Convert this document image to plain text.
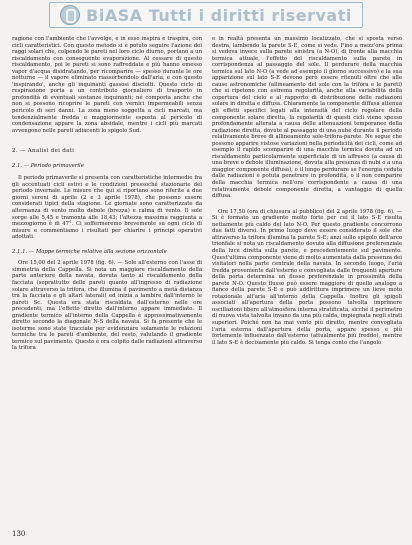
BiASA Tutti i diritti riservati

ragione con l'ambiente che l'avvolge, e in esso inspira e traspira, con cicli caratteristici. Con questo metodo si è potuto seguire l'azione dei raggi solari che, colpendo le pareti nel loro ciclo diurno, portano a un riscaldamento con conseguente evaporazione. Al cessare di questo riscaldamento, poi le pareti si sono raffreddate e più hanno emesso vapor d'acqua disidratando, per ricomparire — spesso durante le ore notturne — il vapore eliminato riassorbendolo dall'aria, e con questo 'inspirando', anche gli inquinanti gassosi disciolti. Questo ciclo di respirazione porta a un contributo giornaliero di trasporto in profondità di eventuali sostanze inquinanti; né comporta anche che non si possono ricoprire le pareti con vernici impermeabili senza pericolo di seri danni. La zona meno soggetta a cicli marcati, ma tendenzialmente fredda e maggiormente esposta al pericolo di condensazione appare la zona absidale, mentre i cicli più marcati avvengono nelle pareti adiacenti lo spigolo Sud.

2. — Analisi dei dati
2.1. — Periodo primaverile

Il periodo primaverile si presenta con caratteristiche intermedie fra gli accentuati cicli estivi e le condizioni pressoché stazionarie del periodo invernale. Le misure che qui si riportano sono riferite a due giorni sereni di aprile (2 e 3 aprile 1978), che possono essere considerati tipici della stagione. Le giornate sono caratterizzate da alternanza di vento molto debole (brezza) e calma di vento. Il sole sorge alle 5,45 e tramonta alle 18,43; l'altezza massima raggiunta a mezzogiorno è di 47°. Ci soffermeremo brevemente su ogni ciclo di misure e commentiamo i risultati per chiarire i principi operativi adottati.

2.1.1. — Mappe termiche relative alla sezione orizzontale

Ore 15,00 del 2 aprile 1978 (fig. 6). — Sole all'esterno con l'asse di simmetria della Cappella. Si nota un maggiore riscaldamento della parte anteriore della navata, dovuta tanto al riscaldamento della facciata (soprattutto delle pareti quanto all'ingresso di radiazione solare attraverso la trifora, che illumina il pavimento a metà distanza tra la facciata e gli altari laterali) ed inizia a lambire dall'interno le pareti Sc. Questa era stata riscaldata dall'esterno nelle ore precedenti, ma l'effetto diretto dall'interno appare immediato. Il gradiente termico all'interno della Cappella è approssimativamente diretto secondo la diagonale N-S della navata. Si fa presente che le isoterme sono state tracciate per evidenziare solamente le relazioni termiche tra le pareti d'ambiente, del resto, valutando il gradiente termico sul pavimento. Questo è ora colpito dalle radiazioni attraverso la trifora

e in realtà presenta un massimo localizzato, che si sposta verso destra, lambendo la parete S-E, come si vede. Fino a mezz'ora prima si vedeva invece sulla parete sinistra (a N-O), di fronte alla macchia termica attuale, l'effetto del riscaldamento sulla parete in corrispondenza al passaggio del sole. Il perdurare della macchia termica sul lato N-O (a vede ad esempio il giorno successivo) e la sua apparizione sul lato S-E devono però essere ritenuti oltre che alle cause astronomiche (allineamento del sole con la trifora e le pareti) che si ripetono con estrema regolarità, anche alla variabilità della copertura del cielo e al rapporto di distribuzione delle radiazioni solare in diretta e diffusa. Chiaramente la componente diffusa attenua gli effetti specifici legati alla intensità del ciclo regolare della componente solare diretta, la regolarità di questi cicli viene spesso profondamente alterata a causa delle attenuazioni temporanee della radiazione diretta, dovute al passaggio di una nube durante il periodo relativamente breve di allineamento sole-trifora-parete. Ne segue che possono apparire vistose variazioni nella periodicità dei cicli, come ad esempio il rapido scomparire di una macchia termica dovuta ad un riscaldamento particolarmente superficiale di un affresco (a causa di una breve o debole illuminazione, dovuta alla presenza di nubi o a una maggior componente diffusa), o il lungo perdurare se l'energia ceduta dalle radiazioni è potuta penetrare in profondità, o il non comparire della macchia termica nell'ora corrispondente a causa di una relativamente debole componente diretta, a vantaggio di quella diffusa.

Ore 17,50 (ora di chiusura al pubblico) del 2 aprile 1978 (fig. 6). — Si è formato un gradiente molto forte per cui il lato S-E risulta nettamente più caldo del lato N-O. Per questo gradiente concorrono due fatti diversi. In primo luogo deve essere considerato il sole che attraverso la trifora illumina la parete S-E; anzi sullo spigolo dell'arco trionfale si nota un riscaldamento dovuto alla diffusione preferenziale della luce diretta sulla parete, e precedentemente sul pavimento. Quest'ultima componente viene di molto aumentata dalla presenza dei visitatori nella parte centrale della navata. In secondo luogo, l'aria fredda proveniente dall'esterno e convogliata dalle frequenti aperture della porta determina un flusso preferenziale in prossimità della parete N-O. Questo flusso può essere maggiore di quello analogo a fianco della parete S-E e può addirittura imprimere un lieve moto rotazionale all'aria all'interno della Cappella. Inoltre gli spigoli associati all'apertura della porta possono talvolta imprimere oscillazioni libere all'atmosfera interna stratificata, sicché il perimetro di nuova vista talvolta invano da una più calda, impiegnata negli strati superiori. Poiché non ha mai vento più diretto, mentre convogliata l'aria esterna dall'apertura della porta, appare spesso e più fortemente influenzato dall'esterno (attualmente più freddo), mentre il lato S-E è decisamente più caldo. Si tenga conto che l'angolo

130
